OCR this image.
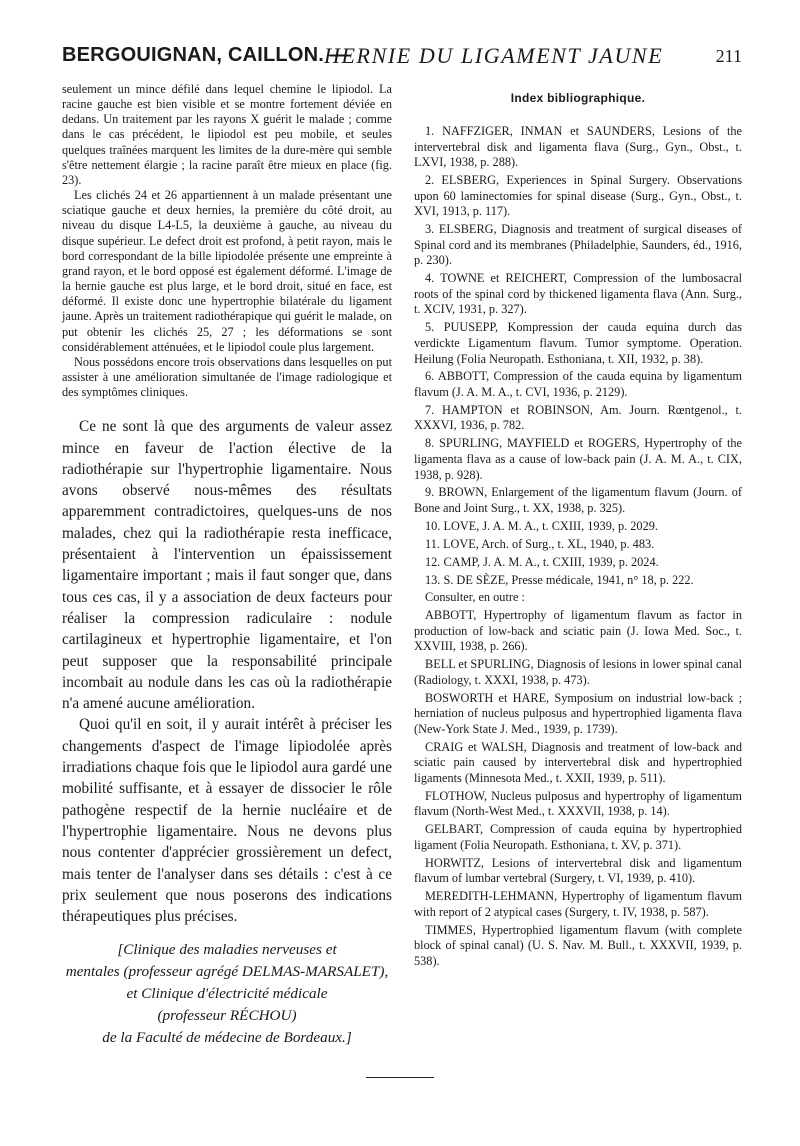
BERGOUIGNAN, CAILLON. —
HERNIE DU LIGAMENT JAUNE	211

seulement un mince défilé dans lequel chemine le lipiodol. La racine gauche est bien visible et se montre fortement déviée en dedans. Un traitement par les rayons X guérit le malade ; comme dans le cas précédent, le lipiodol est peu mobile, et seules quelques traînées marquent les limites de la dure-mère qui semble s'être nettement élargie ; la racine paraît être mieux en place (fig. 23).

Les clichés 24 et 26 appartiennent à un malade présentant une sciatique gauche et deux hernies, la première du côté droit, au niveau du disque L4-L5, la deuxième à gauche, au niveau du disque supérieur. Le defect droit est profond, à petit rayon, mais le bord correspondant de la bille lipiodolée présente une empreinte à grand rayon, et le bord opposé est également déformé. L'image de la hernie gauche est plus large, et le bord droit, situé en face, est déformé. Il existe donc une hypertrophie bilatérale du ligament jaune. Après un traitement radiothérapique qui guérit le malade, on put obtenir les clichés 25, 27 ; les déformations se sont considérablement atténuées, et le lipiodol coule plus largement.

Nous possédons encore trois observations dans lesquelles on put assister à une amélioration simultanée de l'image radiologique et des symptômes cliniques.

Ce ne sont là que des arguments de valeur assez mince en faveur de l'action élective de la radiothérapie sur l'hypertrophie ligamentaire. Nous avons observé nous-mêmes des résultats apparemment contradictoires, quelques-uns de nos malades, chez qui la radiothérapie resta inefficace, présentaient à l'intervention un épaississement ligamentaire important ; mais il faut songer que, dans tous ces cas, il y a association de deux facteurs pour réaliser la compression radiculaire : nodule cartilagineux et hypertrophie ligamentaire, et l'on peut supposer que la responsabilité principale incombait au nodule dans les cas où la radiothérapie n'a amené aucune amélioration.

Quoi qu'il en soit, il y aurait intérêt à préciser les changements d'aspect de l'image lipiodolée après irradiations chaque fois que le lipiodol aura gardé une mobilité suffisante, et à essayer de dissocier le rôle pathogène respectif de la hernie nucléaire et de l'hypertrophie ligamentaire. Nous ne devons plus nous contenter d'apprécier grossièrement un defect, mais tenter de l'analyser dans ses détails : c'est à ce prix seulement que nous poserons des indications thérapeutiques plus précises.

[Clinique des maladies nerveuses et
mentales (professeur agrégé DELMAS-MARSALET),
et Clinique d'électricité médicale
(professeur RÉCHOU)
de la Faculté de médecine de Bordeaux.]
Index bibliographique.

1. NAFFZIGER, INMAN et SAUNDERS, Lesions of the intervertebral disk and ligamenta flava (Surg., Gyn., Obst., t. LXVI, 1938, p. 288).

2. ELSBERG, Experiences in Spinal Surgery. Observations upon 60 laminectomies for spinal disease (Surg., Gyn., Obst., t. XVI, 1913, p. 117).

3. ELSBERG, Diagnosis and treatment of surgical diseases of Spinal cord and its membranes (Philadelphie, Saunders, éd., 1916, p. 230).

4. TOWNE et REICHERT, Compression of the lumbosacral roots of the spinal cord by thickened ligamenta flava (Ann. Surg., t. XCIV, 1931, p. 327).

5. PUUSEPP, Kompression der cauda equina durch das verdickte Ligamentum flavum. Tumor symptome. Operation. Heilung (Folia Neuropath. Esthoniana, t. XII, 1932, p. 38).

6. ABBOTT, Compression of the cauda equina by ligamentum flavum (J. A. M. A., t. CVI, 1936, p. 2129).

7. HAMPTON et ROBINSON, Am. Journ. Rœntgenol., t. XXXVI, 1936, p. 782.

8. SPURLING, MAYFIELD et ROGERS, Hypertrophy of the ligamenta flava as a cause of low-back pain (J. A. M. A., t. CIX, 1938, p. 928).

9. BROWN, Enlargement of the ligamentum flavum (Journ. of Bone and Joint Surg., t. XX, 1938, p. 325).

10. LOVE, J. A. M. A., t. CXIII, 1939, p. 2029.

11. LOVE, Arch. of Surg., t. XL, 1940, p. 483.

12. CAMP, J. A. M. A., t. CXIII, 1939, p. 2024.

13. S. DE SÈZE, Presse médicale, 1941, n° 18, p. 222.

Consulter, en outre :

ABBOTT, Hypertrophy of ligamentum flavum as factor in production of low-back and sciatic pain (J. Iowa Med. Soc., t. XXVIII, 1938, p. 266).

BELL et SPURLING, Diagnosis of lesions in lower spinal canal (Radiology, t. XXXI, 1938, p. 473).

BOSWORTH et HARE, Symposium on industrial low-back ; herniation of nucleus pulposus and hypertrophied ligamenta flava (New-York State J. Med., 1939, p. 1739).

CRAIG et WALSH, Diagnosis and treatment of low-back and sciatic pain caused by intervertebral disk and hypertrophied ligaments (Minnesota Med., t. XXII, 1939, p. 511).

FLOTHOW, Nucleus pulposus and hypertrophy of ligamentum flavum (North-West Med., t. XXXVII, 1938, p. 14).

GELBART, Compression of cauda equina by hypertrophied ligament (Folia Neuropath. Esthoniana, t. XV, p. 371).

HORWITZ, Lesions of intervertebral disk and ligamentum flavum of lumbar vertebral (Surgery, t. VI, 1939, p. 410).

MEREDITH-LEHMANN, Hypertrophy of ligamentum flavum with report of 2 atypical cases (Surgery, t. IV, 1938, p. 587).

TIMMES, Hypertrophied ligamentum flavum (with complete block of spinal canal) (U. S. Nav. M. Bull., t. XXXVII, 1939, p. 538).
